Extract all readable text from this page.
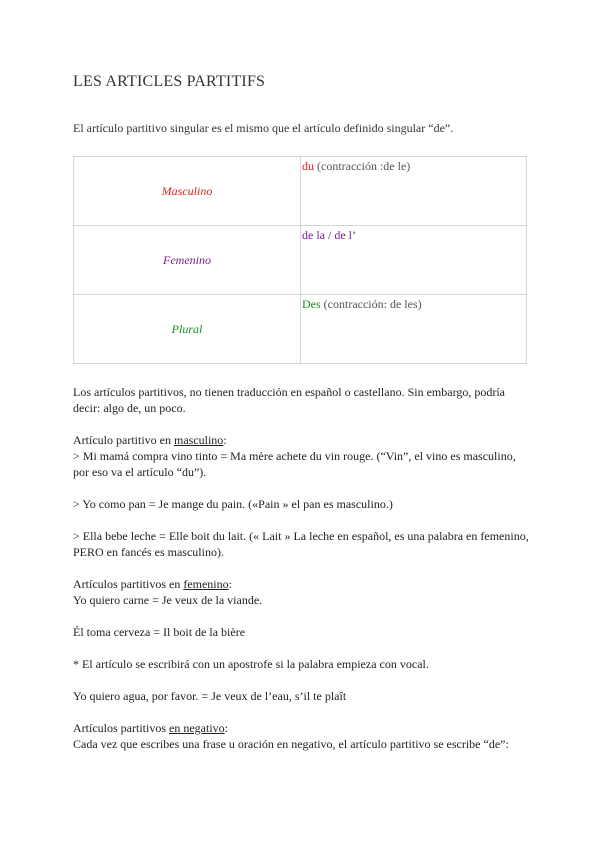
LES ARTICLES PARTITIFS
El artículo partitivo singular es el mismo que el artículo definido singular “de”.
Masculino	du (contracción :de le)
Femenino	de la / de l’
Plural	Des (contracción: de les)

Los artículos partitivos, no tienen traducción en español o castellano. Sin embargo, podría decir: algo de, un poco.

Artículo partitivo en masculino:
> Mi mamá compra vino tinto = Ma mère achete du vin rouge. (“Vin”, el vino es masculino, por eso va el artículo “du”).

> Yo como pan = Je mange du pain. («Pain » el pan es masculino.)

> Ella bebe leche = Elle boit du lait. (« Lait » La leche en español, es una palabra en femenino, PERO en fancés es masculino).

Artículos partitivos en femenino:
Yo quiero carne = Je veux de la viande.

Él toma cerveza = Il boit de la bière

* El artículo se escribirá con un apostrofe si la palabra empieza con vocal.

Yo quiero agua, por favor. = Je veux de l’eau, s’il te plaît

Artículos partitivos en negativo:
Cada vez que escribes una frase u oración en negativo, el artículo partitivo se escribe “de”:
